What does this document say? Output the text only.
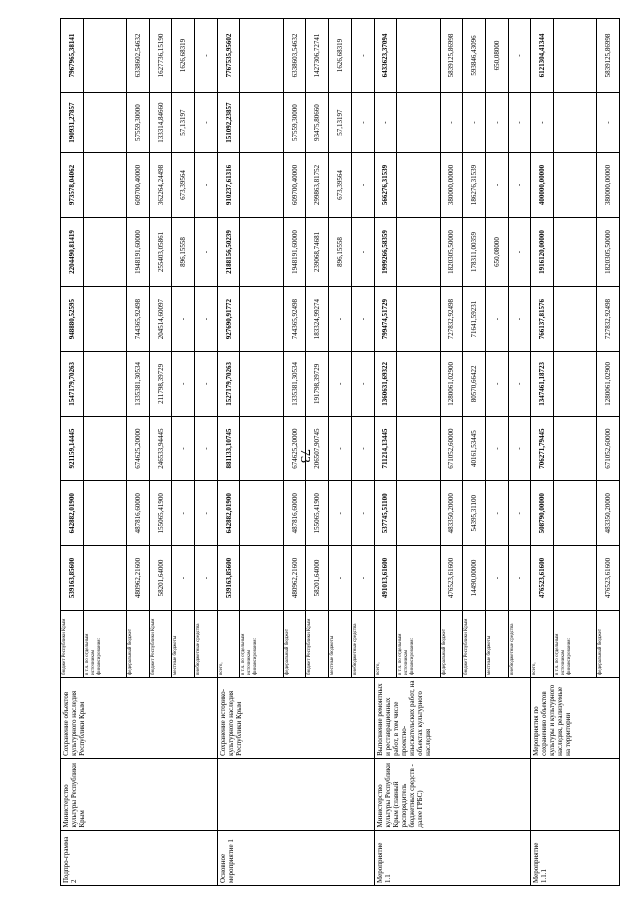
73
Подпро-грамма 2	Министерство культуры Республики Крым	Сохранение объектов культурного наследия Республики Крым	бюджет Республики Крым	539163,85600	642882,01900	921159,14445	1547179,70263	948880,52595	2204490,81419	973578,04062	190931,27857	7967965,38141
			в т.ч. по отдельным источникам финансирования:									
			федеральный бюджет	480962,21600	487816,60000	674625,20000	1335381,30534	744365,92498	1948191,60000	609700,40000	57559,30000	6338602,54632
			бюджет Республики Крым	58201,64000	155065,41900	246533,94445	211798,39729	204514,60097	255403,05861	362264,24498	133314,84660	1627736,15190
			местные бюджеты	-	-	-	-	-	896,15558	673,39564	57,13197	1626,68319
			внебюджетные средства	-	-	-	-	-	-	-	-	-
Основное мероприятие 1		Сохранение историко-культурного наследия Республики Крым	всего,	539163,85600	642882,01900	881133,10745	1527179,70263	927690,91772	2188156,50239	910237,61316	151092,23857	7767535,95602
			в т.ч. по отдельным источникам финансирования:									
			федеральный бюджет	480962,21600	487816,60000	674625,20000	1335381,30534	744365,92498	1948191,60000	609700,40000	57559,30000	6338603,54632
			бюджет Республики Крым	58201,64000	155065,41900	206507,90745	191798,39729	183324,99274	239068,74681	299863,81752	93475,80660	1427306,72741
			местные бюджеты	-	-	-	-	-	896,15558	673,39564	57,13197	1626,68319
			внебюджетные средства	-	-	-	-	-	-	-	-	-
Мероприятие 1.1	Министерство культуры Республики Крым (главный распорядитель бюджетных средств - далее ГРБС)	Выполнение ремонтных и реставрационных работ, в том числе проектно-изыскательских работ, на объектах культурного наследия	всего,	491013,61600	537745,51100	711214,13445	1360631,69322	799474,51729	1999266,58359	566276,31539	-	6433623,37094
			в т.ч. по отдельным источникам финансирования:									
			федеральный бюджет	476523,61600	483350,20000	671052,60000	1280061,02900	727832,92498	1820305,50000	380000,00000	-	5839125,86998
			бюджет Республики Крым	14490,00000	54395,31100	40161,53445	80570,66422	71641,59231	178311,00359	186276,31539	-	593846,43096
			местные бюджеты	-	-	-	-	-	650,08000	-	-	650,08000
			внебюджетные средства	-	-	-	-	-	-	-	-	-
Мероприятие 1.1.1		Мероприятия по сохранению объектов культуры и культурного наследия, реализуемые на территории	всего,	476523,61600	508790,00000	706271,79445	1347461,18723	766137,81576	1916120,00000	400000,00000	-	6121304,41344
			в т.ч. по отдельным источникам финансирования:									
			федеральный бюджет	476523,61600	483350,20000	671052,60000	1280061,02900	727832,92498	1820305,50000	380000,00000	-	5839125,86998
